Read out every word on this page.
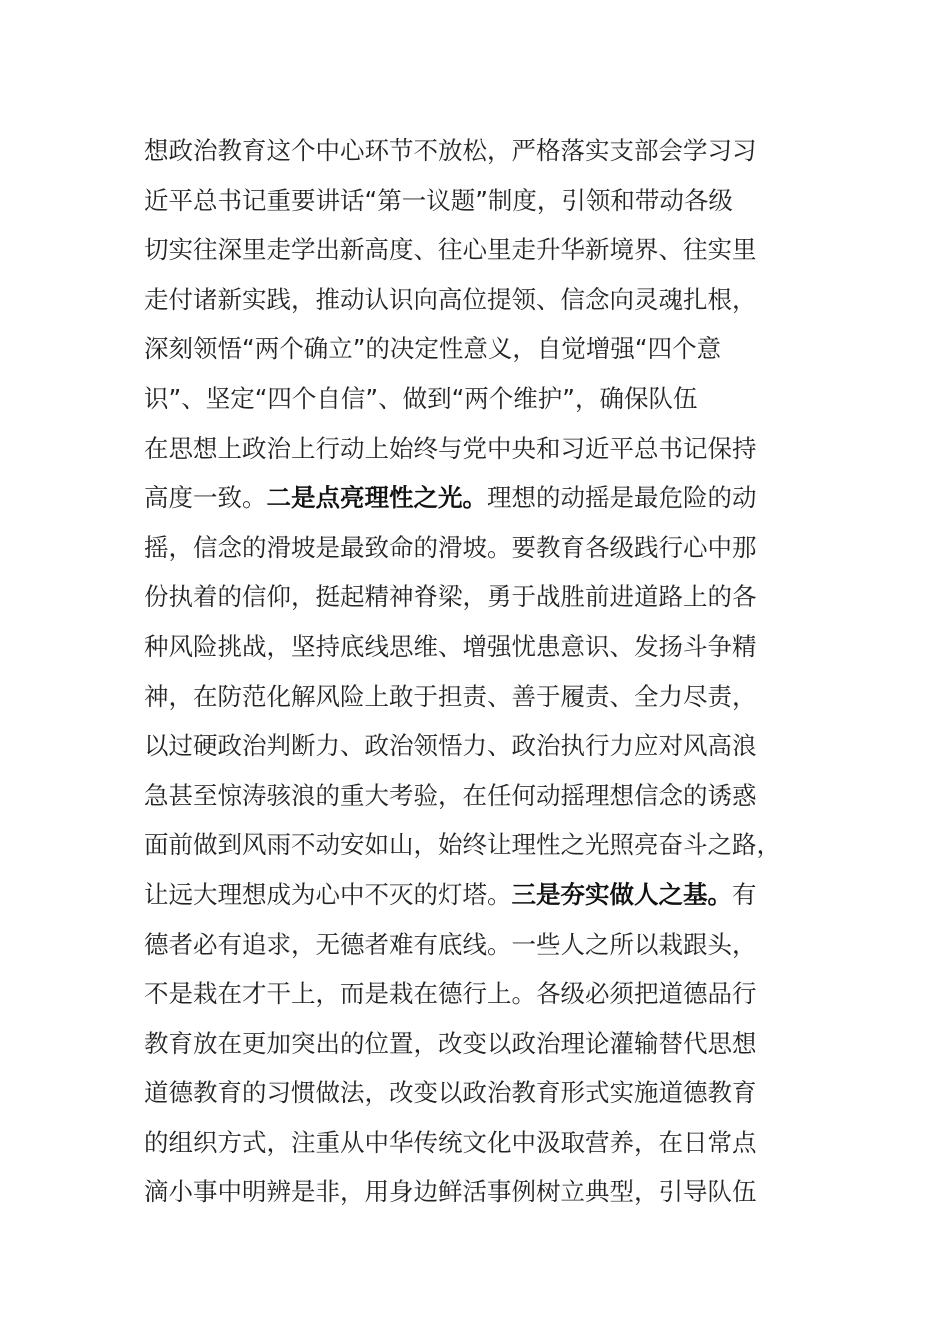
想政治教育这个中心环节不放松，严格落实支部会学习习
近平总书记重要讲话“第一议题”制度，引领和带动各级
切实往深里走学出新高度、往心里走升华新境界、往实里
走付诸新实践，推动认识向高位提领、信念向灵魂扎根，
深刻领悟“两个确立”的决定性意义，自觉增强“四个意
识”、坚定“四个自信”、做到“两个维护”，确保队伍
在思想上政治上行动上始终与党中央和习近平总书记保持
高度一致。二是点亮理性之光。理想的动摇是最危险的动
摇，信念的滑坡是最致命的滑坡。要教育各级践行心中那
份执着的信仰，挺起精神脊梁，勇于战胜前进道路上的各
种风险挑战，坚持底线思维、增强忧患意识、发扬斗争精
神，在防范化解风险上敢于担责、善于履责、全力尽责，
以过硬政治判断力、政治领悟力、政治执行力应对风高浪
急甚至惊涛骇浪的重大考验，在任何动摇理想信念的诱惑
面前做到风雨不动安如山，始终让理性之光照亮奋斗之路，
让远大理想成为心中不灭的灯塔。三是夯实做人之基。有
德者必有追求，无德者难有底线。一些人之所以栽跟头，
不是栽在才干上，而是栽在德行上。各级必须把道德品行
教育放在更加突出的位置，改变以政治理论灌输替代思想
道德教育的习惯做法，改变以政治教育形式实施道德教育
的组织方式，注重从中华传统文化中汲取营养，在日常点
滴小事中明辨是非，用身边鲜活事例树立典型，引导队伍
